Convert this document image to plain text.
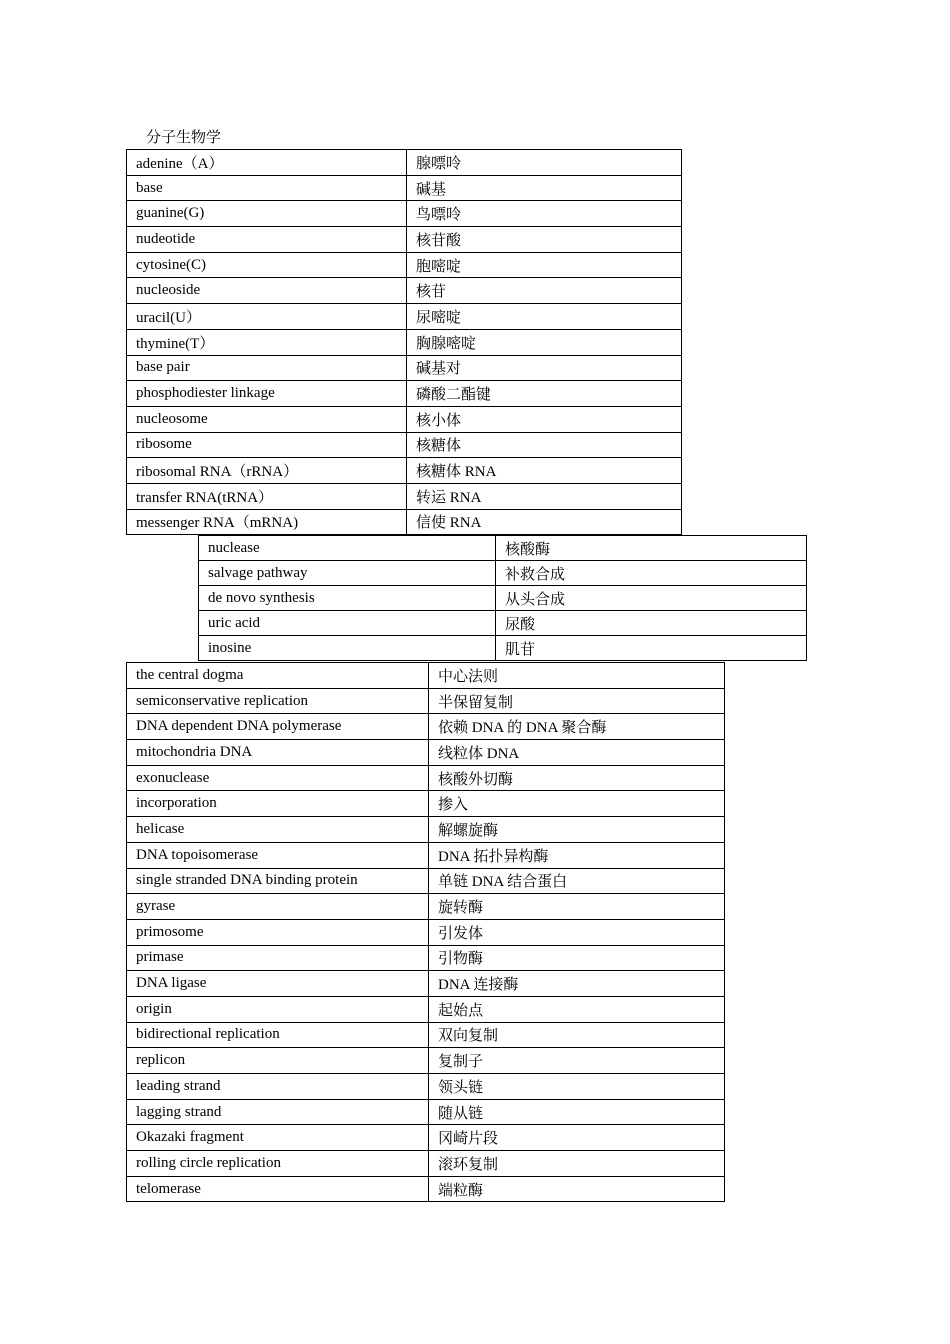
分子生物学
adenine（A）	腺嘌呤
base	碱基
guanine(G)	鸟嘌呤
nudeotide	核苷酸
cytosine(C)	胞嘧啶
nucleoside	核苷
uracil(U）	尿嘧啶
thymine(T）	胸腺嘧啶
base pair	碱基对
phosphodiester linkage	磷酸二酯键
nucleosome	核小体
ribosome	核糖体
ribosomal RNA（rRNA）	核糖体 RNA
transfer RNA(tRNA）	转运 RNA
messenger RNA（mRNA)	信使 RNA
nuclease	核酸酶
salvage pathway	补救合成
de novo synthesis	从头合成
uric acid	尿酸
inosine	肌苷
the central dogma	中心法则
semiconservative replication	半保留复制
DNA dependent DNA polymerase	依赖 DNA 的 DNA 聚合酶
mitochondria DNA	线粒体 DNA
exonuclease	核酸外切酶
incorporation	掺入
helicase	解螺旋酶
DNA topoisomerase	DNA 拓扑异构酶
single stranded DNA binding protein	单链 DNA 结合蛋白
gyrase	旋转酶
primosome	引发体
primase	引物酶
DNA ligase	DNA 连接酶
origin	起始点
bidirectional replication	双向复制
replicon	复制子
leading strand	领头链
lagging strand	随从链
Okazaki fragment	冈崎片段
rolling circle replication	滚环复制
telomerase	端粒酶
